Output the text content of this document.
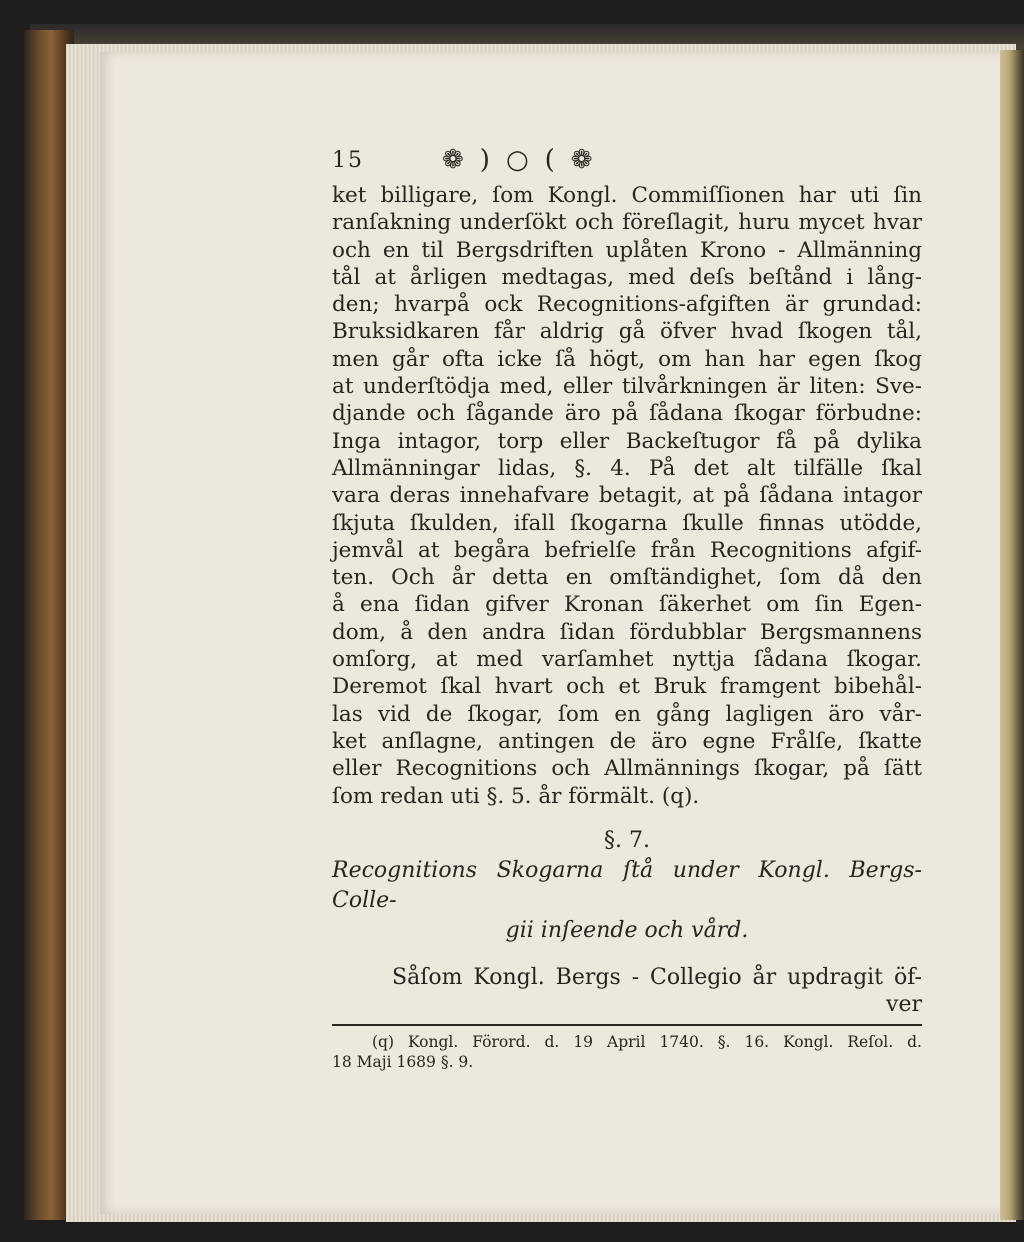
15	❁ ) ○ ( ❁
ket billigare, ſom Kongl. Commiſſionen har uti ſin
ranſakning underſökt och föreſlagit, huru mycet hvar
och en til Bergsdriften uplåten Krono - Allmänning
tål at årligen medtagas, med deſs beſtånd i lång-
den; hvarpå ock Recognitions-afgiften är grundad:
Bruksidkaren får aldrig gå öfver hvad ſkogen tål,
men går ofta icke ſå högt, om han har egen ſkog
at underſtödja med, eller tilvårkningen är liten: Sve-
djande och ſågande äro på ſådana ſkogar förbudne:
Inga intagor, torp eller Backeſtugor få på dylika
Allmänningar lidas, §. 4. På det alt tilfälle ſkal
vara deras innehafvare betagit, at på ſådana intagor
ſkjuta ſkulden, ifall ſkogarna ſkulle finnas utödde,
jemvål at begåra befrielſe från Recognitions afgif-
ten. Och år detta en omſtändighet, ſom då den
å ena ſidan gifver Kronan ſäkerhet om ſin Egen-
dom, å den andra ſidan fördubblar Bergsmannens
omſorg, at med varſamhet nyttja ſådana ſkogar.
Deremot ſkal hvart och et Bruk framgent bibehål-
las vid de ſkogar, ſom en gång lagligen äro vår-
ket anſlagne, antingen de äro egne Frålſe, ſkatte
eller Recognitions och Allmännings ſkogar, på ſätt
ſom redan uti §. 5. år förmält. (q).
§. 7.
Recognitions Skogarna ſtå under Kongl. Bergs-Colle-
gii inſeende och vård.
Såſom Kongl. Bergs - Collegio år updragit öf-
ver
(q) Kongl. Förord. d. 19 April 1740. §. 16. Kongl. Reſol. d.
18 Maji 1689 §. 9.
